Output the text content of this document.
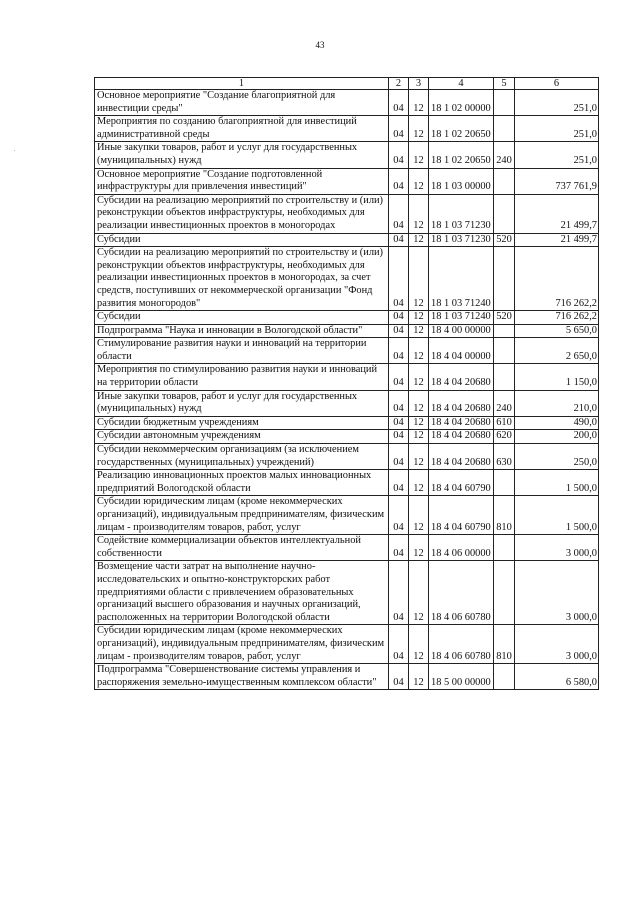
43
1	2	3	4	5	6
Основное мероприятие "Создание благоприятной для инвестиции среды"	04	12	18 1 02 00000		251,0
Мероприятия по созданию благоприятной для инвестиций административной среды	04	12	18 1 02 20650		251,0
Иные закупки товаров, работ и услуг для государственных (муниципальных) нужд	04	12	18 1 02 20650	240	251,0
Основное мероприятие "Создание подготовленной инфраструктуры для привлечения инвестиций"	04	12	18 1 03 00000		737 761,9
Субсидии на реализацию мероприятий по строительству и (или) реконструкции объектов инфраструктуры, необходимых для реализации инвестиционных проектов в моногородах	04	12	18 1 03 71230		21 499,7
Субсидии	04	12	18 1 03 71230	520	21 499,7
Субсидии на реализацию мероприятий по строительству и (или) реконструкции объектов инфраструктуры, необходимых для реализации инвестиционных проектов в моногородах, за счет средств, поступивших от некоммерческой организации "Фонд развития моногородов"	04	12	18 1 03 71240		716 262,2
Субсидии	04	12	18 1 03 71240	520	716 262,2
Подпрограмма "Наука и инновации в Вологодской области"	04	12	18 4 00 00000		5 650,0
Стимулирование развития науки и инноваций на территории области	04	12	18 4 04 00000		2 650,0
Мероприятия по стимулированию развития науки и инноваций на территории области	04	12	18 4 04 20680		1 150,0
Иные закупки товаров, работ и услуг для государственных (муниципальных) нужд	04	12	18 4 04 20680	240	210,0
Субсидии бюджетным учреждениям	04	12	18 4 04 20680	610	490,0
Субсидии автономным учреждениям	04	12	18 4 04 20680	620	200,0
Субсидии некоммерческим организациям (за исключением государственных (муниципальных) учреждений)	04	12	18 4 04 20680	630	250,0
Реализацию инновационных проектов малых инновационных предприятий Вологодской области	04	12	18 4 04 60790		1 500,0
Субсидии юридическим лицам (кроме некоммерческих организаций), индивидуальным предпринимателям, физическим лицам - производителям товаров, работ, услуг	04	12	18 4 04 60790	810	1 500,0
Содействие коммерциализации объектов интеллектуальной собственности	04	12	18 4 06 00000		3 000,0
Возмещение части затрат на выполнение научно-исследовательских и опытно-конструкторских работ предприятиями области с привлечением образовательных организаций высшего образования и научных организаций, расположенных на территории Вологодской области	04	12	18 4 06 60780		3 000,0
Субсидии юридическим лицам (кроме некоммерческих организаций), индивидуальным предпринимателям, физическим лицам - производителям товаров, работ, услуг	04	12	18 4 06 60780	810	3 000,0
Подпрограмма "Совершенствование системы управления и распоряжения земельно-имущественным комплексом области"	04	12	18 5 00 00000		6 580,0
